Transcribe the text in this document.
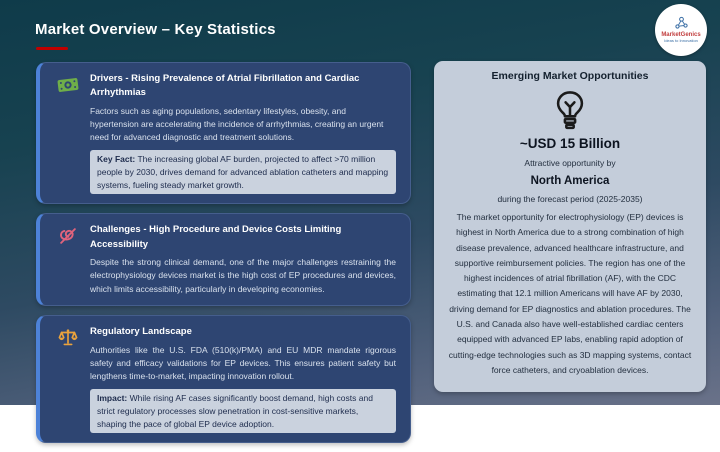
Market Overview – Key Statistics	MarketGenics
Ideas to Innovation
Drivers - Rising Prevalence of Atrial Fibrillation and Cardiac Arrhythmias

Factors such as aging populations, sedentary lifestyles, obesity, and hypertension are accelerating the incidence of arrhythmias, creating an urgent need for advanced diagnostic and treatment solutions.

Key Fact: The increasing global AF burden, projected to affect >70 million people by 2030, drives demand for advanced ablation catheters and mapping systems, fueling steady market growth.
Challenges - High Procedure and Device Costs Limiting Accessibility

Despite the strong clinical demand, one of the major challenges restraining the electrophysiology devices market is the high cost of EP procedures and devices, which limits accessibility, particularly in developing economies.

Regulatory Landscape

Authorities like the U.S. FDA (510(k)/PMA) and EU MDR mandate rigorous safety and efficacy validations for EP devices. This ensures patient safety but lengthens time-to-market, impacting innovation rollout.

Impact: While rising AF cases significantly boost demand, high costs and strict regulatory processes slow penetration in cost-sensitive markets, shaping the pace of global EP device adoption.
Emerging Market Opportunities
~USD 15 Billion
Attractive opportunity by
North America
during the forecast period (2025-2035)
The market opportunity for electrophysiology (EP) devices is highest in North America due to a strong combination of high disease prevalence, advanced healthcare infrastructure, and supportive reimbursement policies. The region has one of the highest incidences of atrial fibrillation (AF), with the CDC estimating that 12.1 million Americans will have AF by 2030, driving demand for EP diagnostics and ablation procedures. The U.S. and Canada also have well-established cardiac centers equipped with advanced EP labs, enabling rapid adoption of cutting-edge technologies such as 3D mapping systems, contact force catheters, and cryoablation devices.
